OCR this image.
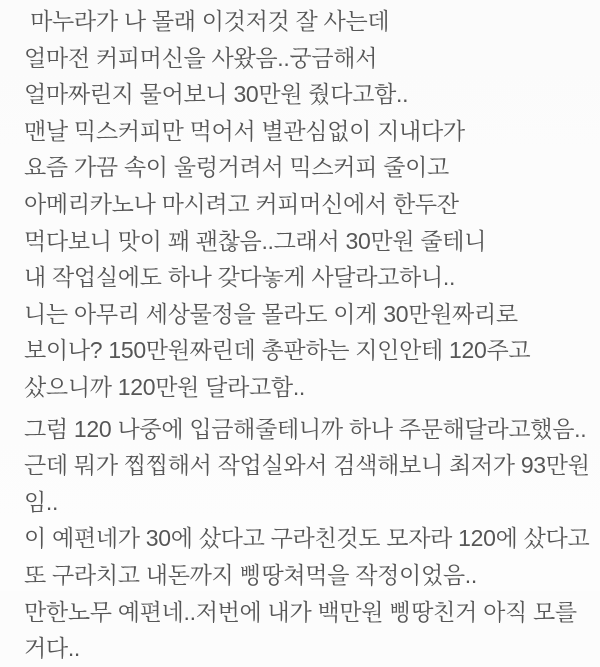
마누라가 나 몰래 이것저것 잘 사는데
얼마전 커피머신을 사왔음..궁금해서
얼마짜린지 물어보니 30만원 줬다고함..
맨날 믹스커피만 먹어서 별관심없이 지내다가
요즘 가끔 속이 울렁거려서 믹스커피 줄이고
아메리카노나 마시려고 커피머신에서 한두잔
먹다보니 맛이 꽤 괜찮음..그래서 30만원 줄테니
내 작업실에도 하나 갖다놓게 사달라고하니..
니는 아무리 세상물정을 몰라도 이게 30만원짜리로
보이나? 150만원짜린데 총판하는 지인안테 120주고
샀으니까 120만원 달라고함..
그럼 120 나중에 입금해줄테니까 하나 주문해달라고했음..
근데 뭐가 찝찝해서 작업실와서 검색해보니 최저가 93만원임..
이 예편네가 30에 샀다고 구라친것도 모자라 120에 샀다고
또 구라치고 내돈까지 삥땅쳐먹을 작정이었음..
만한노무 예편네..저번에 내가 백만원 삥땅친거 아직 모를거다..
